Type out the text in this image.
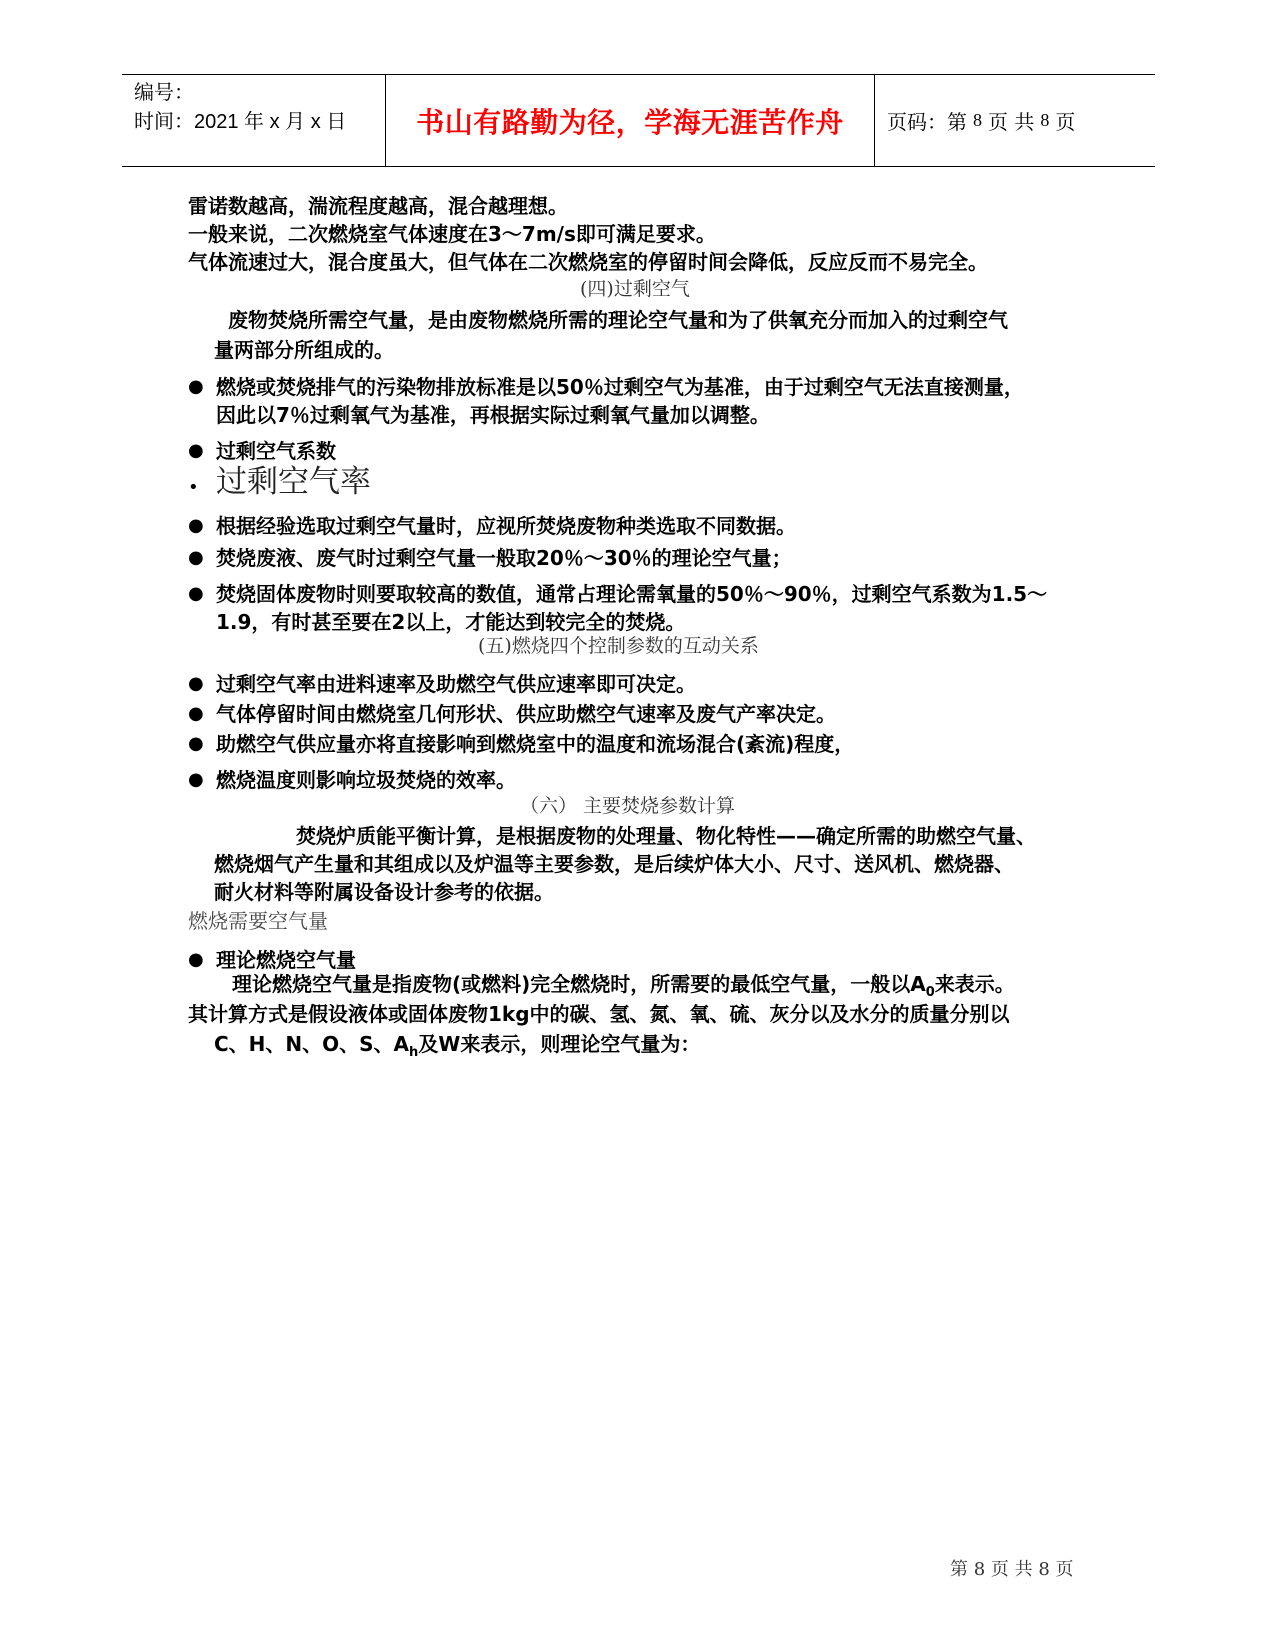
编号：
时间：2021 年 x 月 x 日	书山有路勤为径，学海无涯苦作舟	页码：第 8 页 共 8 页
雷诺数越高，湍流程度越高，混合越理想。
一般来说，二次燃烧室气体速度在3～7m/s即可满足要求。
气体流速过大，混合度虽大，但气体在二次燃烧室的停留时间会降低，反应反而不易完全。
(四)过剩空气
废物焚烧所需空气量，是由废物燃烧所需的理论空气量和为了供氧充分而加入的过剩空气
量两部分所组成的。
● 燃烧或焚烧排气的污染物排放标准是以50％过剩空气为基准，由于过剩空气无法直接测量，
因此以7％过剩氧气为基准，再根据实际过剩氧气量加以调整。
● 过剩空气系数
• 过剩空气率
● 根据经验选取过剩空气量时，应视所焚烧废物种类选取不同数据。
● 焚烧废液、废气时过剩空气量一般取20％～30％的理论空气量；
● 焚烧固体废物时则要取较高的数值，通常占理论需氧量的50％～90％，过剩空气系数为1.5～
1.9，有时甚至要在2以上，才能达到较完全的焚烧。
(五)燃烧四个控制参数的互动关系
● 过剩空气率由进料速率及助燃空气供应速率即可决定。
● 气体停留时间由燃烧室几何形状、供应助燃空气速率及废气产率决定。
● 助燃空气供应量亦将直接影响到燃烧室中的温度和流场混合(紊流)程度，
● 燃烧温度则影响垃圾焚烧的效率。
（六） 主要焚烧参数计算
焚烧炉质能平衡计算，是根据废物的处理量、物化特性——确定所需的助燃空气量、
燃烧烟气产生量和其组成以及炉温等主要参数，是后续炉体大小、尺寸、送风机、燃烧器、
耐火材料等附属设备设计参考的依据。
燃烧需要空气量
● 理论燃烧空气量
理论燃烧空气量是指废物(或燃料)完全燃烧时，所需要的最低空气量，一般以$A_0$来表示。
其计算方式是假设液体或固体废物1kg中的碳、氢、氮、氧、硫、灰分以及水分的质量分别以
C、H、N、O、S、$A_h$及W来表示，则理论空气量为：
第 8 页 共 8 页
